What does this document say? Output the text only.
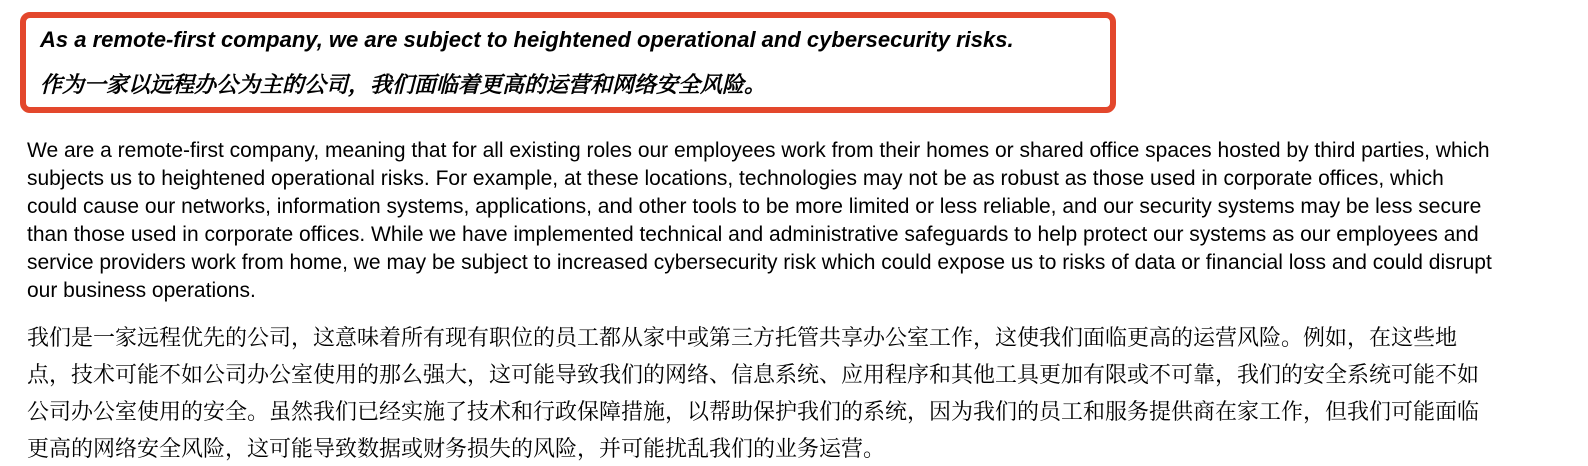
As a remote-first company, we are subject to heightened operational and cybersecurity risks.

作为一家以远程办公为主的公司，我们面临着更高的运营和网络安全风险。

We are a remote-first company, meaning that for all existing roles our employees work from their homes or shared office spaces hosted by third parties, which subjects us to heightened operational risks. For example, at these locations, technologies may not be as robust as those used in corporate offices, which could cause our networks, information systems, applications, and other tools to be more limited or less reliable, and our security systems may be less secure than those used in corporate offices. While we have implemented technical and administrative safeguards to help protect our systems as our employees and service providers work from home, we may be subject to increased cybersecurity risk which could expose us to risks of data or financial loss and could disrupt our business operations.

我们是一家远程优先的公司，这意味着所有现有职位的员工都从家中或第三方托管共享办公室工作，这使我们面临更高的运营风险。例如，在这些地点，技术可能不如公司办公室使用的那么强大，这可能导致我们的网络、信息系统、应用程序和其他工具更加有限或不可靠，我们的安全系统可能不如公司办公室使用的安全。虽然我们已经实施了技术和行政保障措施，以帮助保护我们的系统，因为我们的员工和服务提供商在家工作，但我们可能面临更高的网络安全风险，这可能导致数据或财务损失的风险，并可能扰乱我们的业务运营。
